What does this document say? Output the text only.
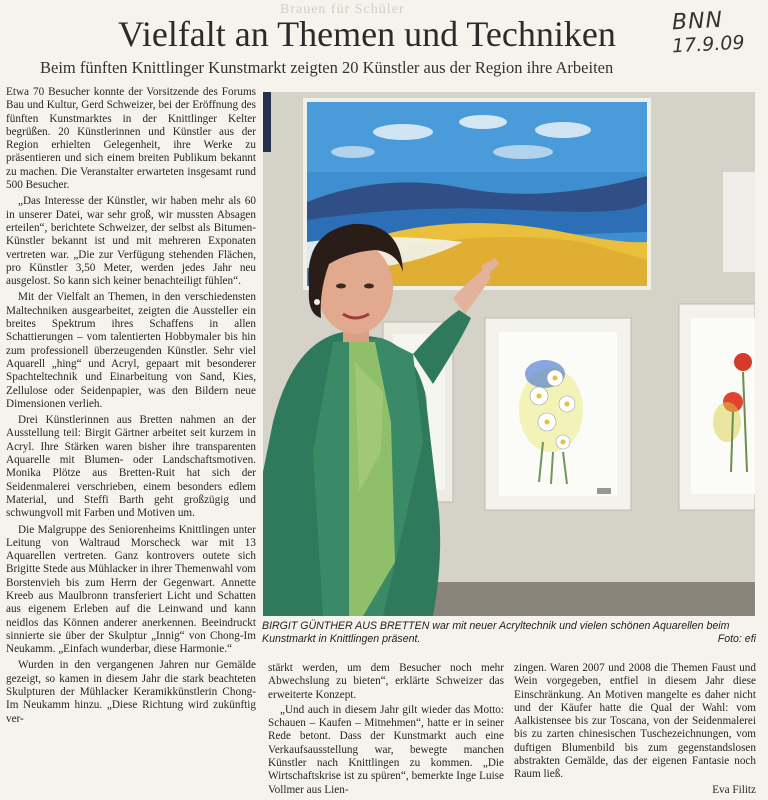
Brauen für Schüler
Vielfalt an Themen und Techniken
Beim fünften Knittlinger Kunstmarkt zeigten 20 Künstler aus der Region ihre Arbeiten
BNN
17.9.09

Etwa 70 Besucher konnte der Vorsitzende des Forums Bau und Kultur, Gerd Schweizer, bei der Eröffnung des fünften Kunstmarktes in der Knittlinger Kelter begrüßen. 20 Künstlerinnen und Künstler aus der Region erhielten Gelegenheit, ihre Werke zu präsentieren und sich einem breiten Publikum bekannt zu machen. Die Veranstalter erwarteten insgesamt rund 500 Besucher.

„Das Interesse der Künstler, wir haben mehr als 60 in unserer Datei, war sehr groß, wir mussten Absagen erteilen“, berichtete Schweizer, der selbst als Bitumen-Künstler bekannt ist und mit mehreren Exponaten vertreten war. „Die zur Verfügung stehenden Flächen, pro Künstler 3,50 Meter, werden jedes Jahr neu ausgelost. So kann sich keiner benachteiligt fühlen“.

Mit der Vielfalt an Themen, in den verschiedensten Maltechniken ausgearbeitet, zeigten die Aussteller ein breites Spektrum ihres Schaffens in allen Schattierungen – vom talentierten Hobbymaler bis hin zum professionell überzeugenden Künstler. Sehr viel Aquarell „hing“ und Acryl, gepaart mit besonderer Spachteltechnik und Einarbeitung von Sand, Kies, Zellulose oder Seidenpapier, was den Bildern neue Dimensionen verlieh.

Drei Künstlerinnen aus Bretten nahmen an der Ausstellung teil: Birgit Gärtner arbeitet seit kurzem in Acryl. Ihre Stärken waren bisher ihre transparenten Aquarelle mit Blumen- oder Landschaftsmotiven. Monika Plötze aus Bretten-Ruit hat sich der Seidenmalerei verschrieben, einem besonders edlem Material, und Steffi Barth geht großzügig und schwungvoll mit Farben und Motiven um.

Die Malgruppe des Seniorenheims Knittlingen unter Leitung von Waltraud Morscheck war mit 13 Aquarellen vertreten. Ganz kontrovers outete sich Brigitte Stede aus Mühlacker in ihrer Themenwahl vom Borstenvieh bis zum Herrn der Gegenwart. Annette Kreeb aus Maulbronn transferiert Licht und Schatten aus eigenem Erleben auf die Leinwand und kann neidlos das Können anderer anerkennen. Beeindruckt sinnierte sie über der Skulptur „Innig“ von Chong-Im Neukamm. „Einfach wunderbar, diese Harmonie.“

Wurden in den vergangenen Jahren nur Gemälde gezeigt, so kamen in diesem Jahr die stark beachteten Skulpturen der Mühlacker Keramikkünstlerin Chong-Im Neukamm hinzu. „Diese Richtung wird zukünftig ver-

BIRGIT GÜNTHER AUS BRETTEN war mit neuer Acryltechnik und vielen schönen Aquarellen beim Kunstmarkt in Knittlingen präsent.	Foto: efi

stärkt werden, um dem Besucher noch mehr Abwechslung zu bieten“, erklärte Schweizer das erweiterte Konzept.

„Und auch in diesem Jahr gilt wieder das Motto: Schauen – Kaufen – Mitnehmen“, hatte er in seiner Rede betont. Dass der Kunstmarkt auch eine Verkaufsausstellung war, bewegte manchen Künstler nach Knittlingen zu kommen. „Die Wirtschaftskrise ist zu spüren“, bemerkte Inge Luise Vollmer aus Lien-

zingen. Waren 2007 und 2008 die Themen Faust und Wein vorgegeben, entfiel in diesem Jahr diese Einschränkung. An Motiven mangelte es daher nicht und der Käufer hatte die Qual der Wahl: vom Aalkistensee bis zur Toscana, von der Seidenmalerei bis zu zarten chinesischen Tuschezeichnungen, vom duftigen Blumenbild bis zum gegenstandslosen abstrakten Gemälde, das der eigenen Fantasie noch Raum ließ.

Eva Filitz
